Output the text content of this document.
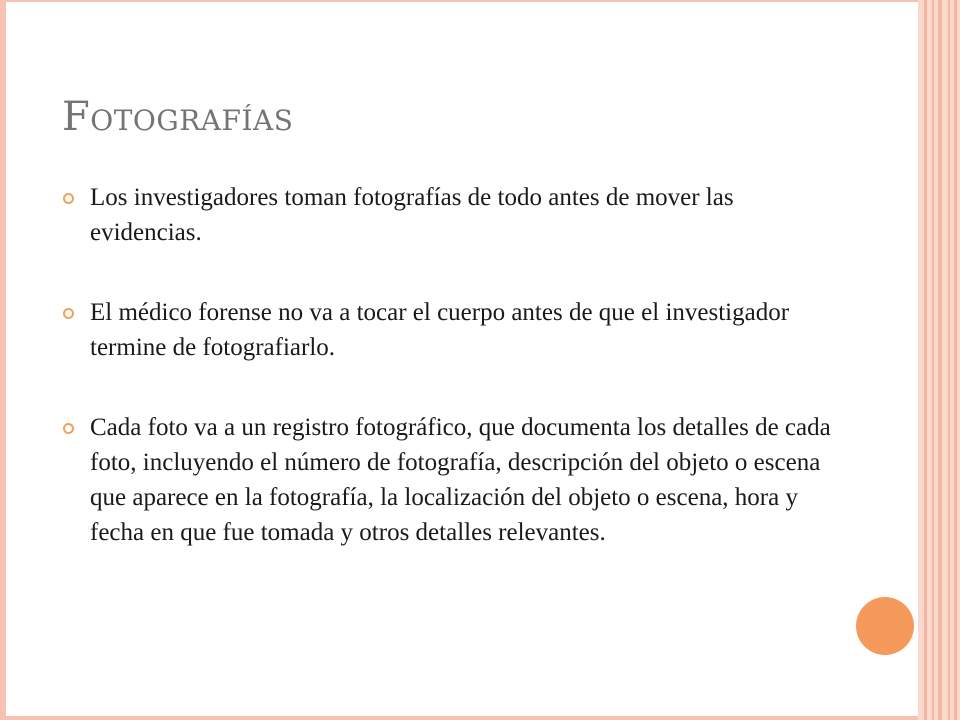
Fotografías
Los investigadores toman fotografías de todo antes de mover las evidencias.
El médico forense no va a tocar el cuerpo antes de que el investigador termine de fotografiarlo.
Cada foto va a un registro fotográfico, que documenta los detalles de cada foto, incluyendo el número de fotografía, descripción del objeto o escena que aparece en la fotografía, la localización del objeto o escena, hora y fecha en que fue tomada y otros detalles relevantes.
